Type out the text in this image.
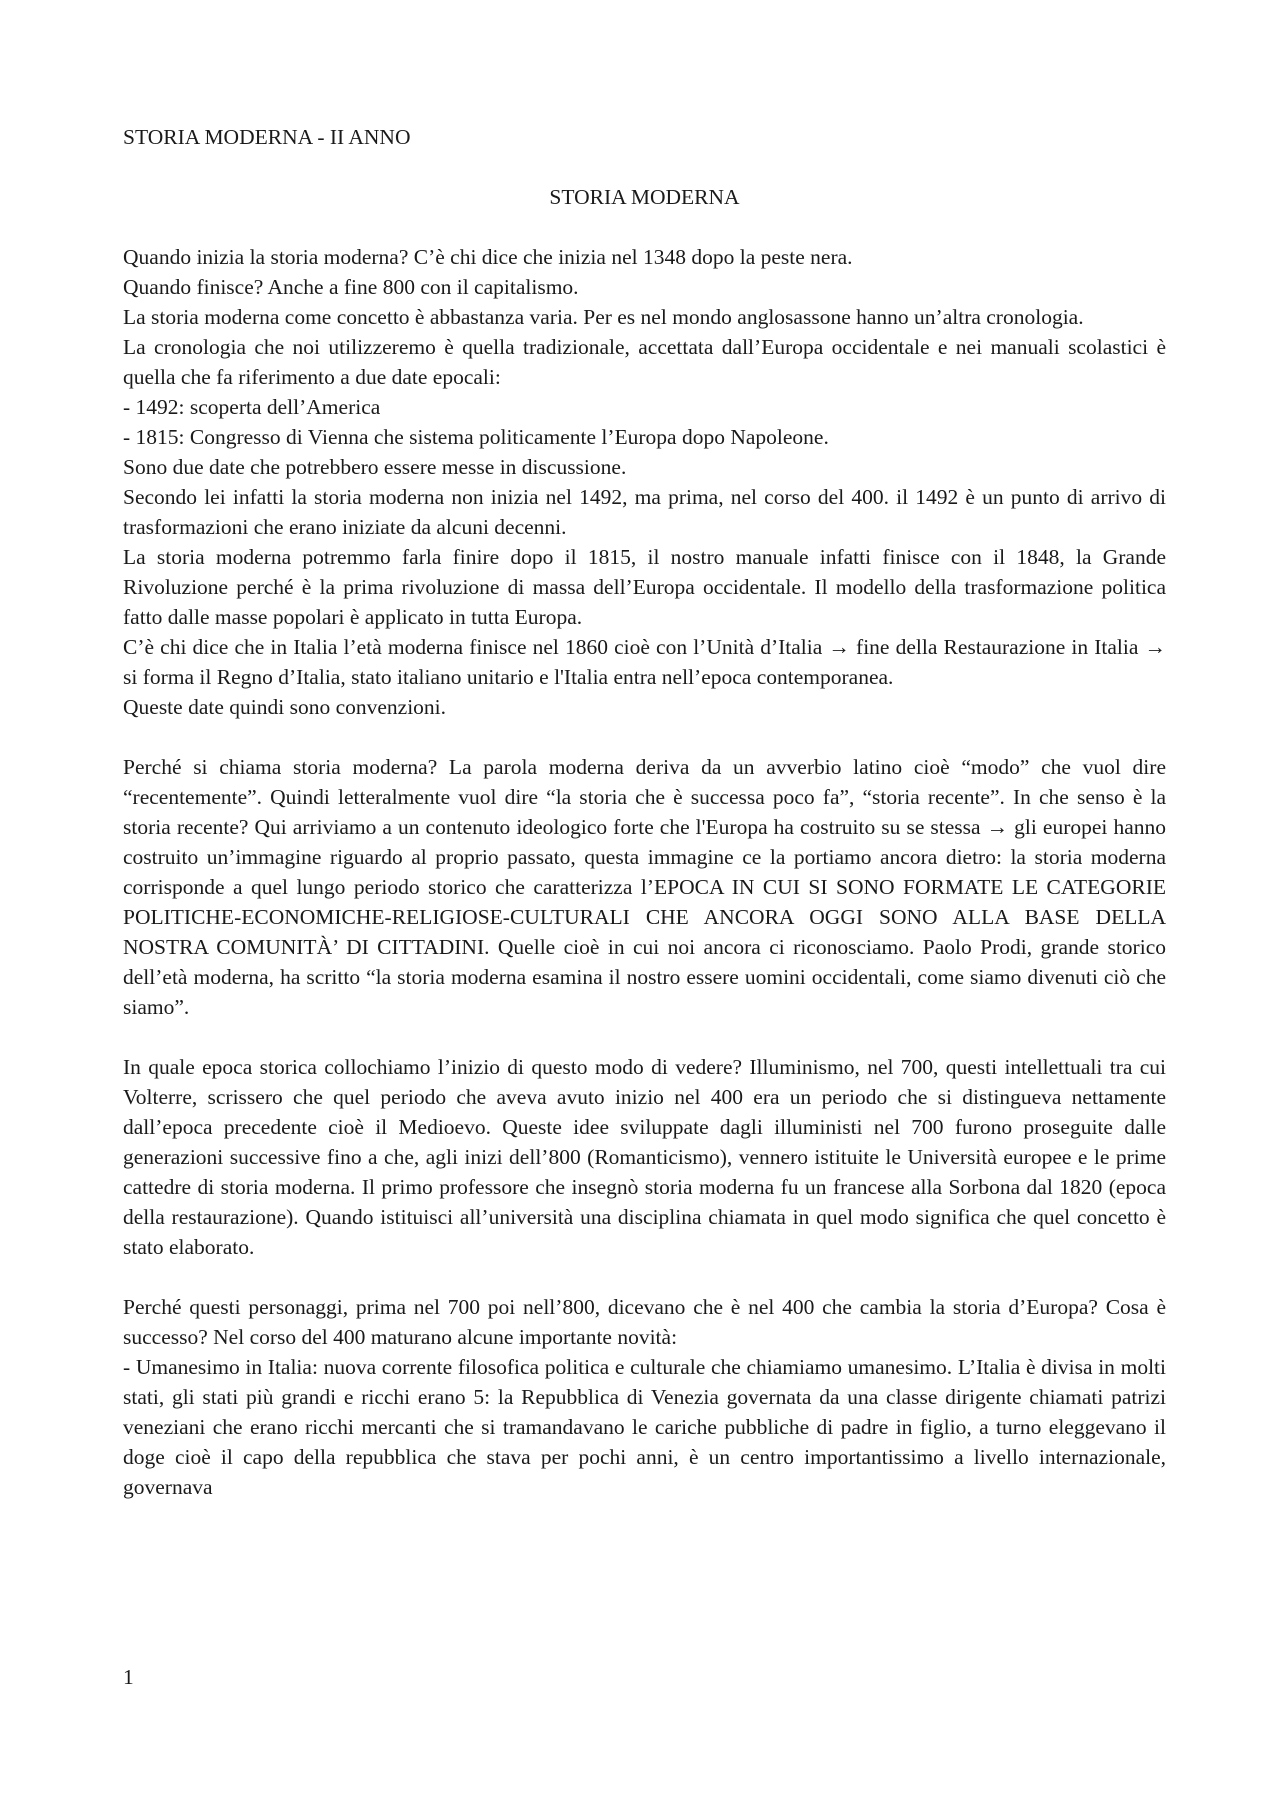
STORIA MODERNA - II ANNO

STORIA MODERNA

Quando inizia la storia moderna? C’è chi dice che inizia nel 1348 dopo la peste nera.

Quando finisce? Anche a fine 800 con il capitalismo.

La storia moderna come concetto è abbastanza varia. Per es nel mondo anglosassone hanno un’altra cronologia.

La cronologia che noi utilizzeremo è quella tradizionale, accettata dall’Europa occidentale e nei manuali scolastici è quella che fa riferimento a due date epocali:

- 1492: scoperta dell’America

- 1815: Congresso di Vienna che sistema politicamente l’Europa dopo Napoleone.

Sono due date che potrebbero essere messe in discussione.

Secondo lei infatti la storia moderna non inizia nel 1492, ma prima, nel corso del 400. il 1492 è un punto di arrivo di trasformazioni che erano iniziate da alcuni decenni.

La storia moderna potremmo farla finire dopo il 1815, il nostro manuale infatti finisce con il 1848, la Grande Rivoluzione perché è la prima rivoluzione di massa dell’Europa occidentale. Il modello della trasformazione politica fatto dalle masse popolari è applicato in tutta Europa.

C’è chi dice che in Italia l’età moderna finisce nel 1860 cioè con l’Unità d’Italia → fine della Restaurazione in Italia → si forma il Regno d’Italia, stato italiano unitario e l'Italia entra nell’epoca contemporanea.

Queste date quindi sono convenzioni.

Perché si chiama storia moderna? La parola moderna deriva da un avverbio latino cioè “modo” che vuol dire “recentemente”. Quindi letteralmente vuol dire “la storia che è successa poco fa”, “storia recente”. In che senso è la storia recente? Qui arriviamo a un contenuto ideologico forte che l'Europa ha costruito su se stessa → gli europei hanno costruito un’immagine riguardo al proprio passato, questa immagine ce la portiamo ancora dietro: la storia moderna corrisponde a quel lungo periodo storico che caratterizza l’EPOCA IN CUI SI SONO FORMATE LE CATEGORIE POLITICHE-ECONOMICHE-RELIGIOSE-CULTURALI CHE ANCORA OGGI SONO ALLA BASE DELLA NOSTRA COMUNITÀ’ DI CITTADINI. Quelle cioè in cui noi ancora ci riconosciamo. Paolo Prodi, grande storico dell’età moderna, ha scritto “la storia moderna esamina il nostro essere uomini occidentali, come siamo divenuti ciò che siamo”.

In quale epoca storica collochiamo l’inizio di questo modo di vedere? Illuminismo, nel 700, questi intellettuali tra cui Volterre, scrissero che quel periodo che aveva avuto inizio nel 400 era un periodo che si distingueva nettamente dall’epoca precedente cioè il Medioevo. Queste idee sviluppate dagli illuministi nel 700 furono proseguite dalle generazioni successive fino a che, agli inizi dell’800 (Romanticismo), vennero istituite le Università europee e le prime cattedre di storia moderna. Il primo professore che insegnò storia moderna fu un francese alla Sorbona dal 1820 (epoca della restaurazione). Quando istituisci all’università una disciplina chiamata in quel modo significa che quel concetto è stato elaborato.

Perché questi personaggi, prima nel 700 poi nell’800, dicevano che è nel 400 che cambia la storia d’Europa? Cosa è successo? Nel corso del 400 maturano alcune importante novità:

- Umanesimo in Italia: nuova corrente filosofica politica e culturale che chiamiamo umanesimo. L’Italia è divisa in molti stati, gli stati più grandi e ricchi erano 5: la Repubblica di Venezia governata da una classe dirigente chiamati patrizi veneziani che erano ricchi mercanti che si tramandavano le cariche pubbliche di padre in figlio, a turno eleggevano il doge cioè il capo della repubblica che stava per pochi anni, è un centro importantissimo a livello internazionale, governava

1
